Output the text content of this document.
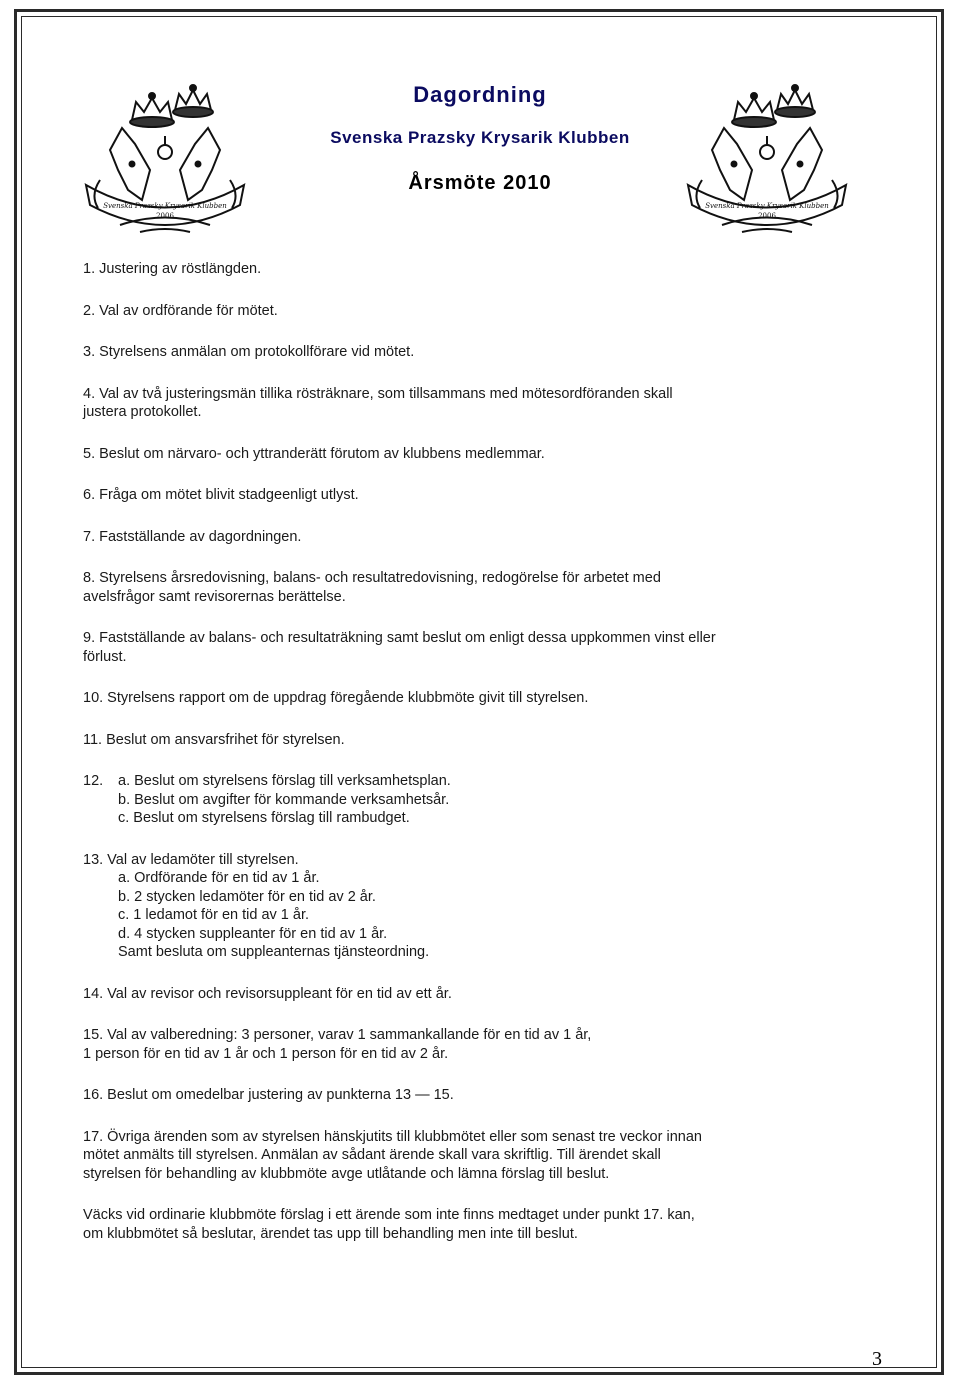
Svenska Prazsky Krysarik Klubben
2006
Svenska Prazsky Krysarik Klubben
2006
Dagordning
Svenska Prazsky Krysarik Klubben
Årsmöte 2010

1. Justering av röstlängden.

2. Val av ordförande för mötet.

3. Styrelsens anmälan om protokollförare vid mötet.

4. Val av två justeringsmän tillika rösträknare, som tillsammans med mötesordföranden skall

justera protokollet.

5. Beslut om närvaro- och yttranderätt förutom av klubbens medlemmar.

6. Fråga om mötet blivit stadgeenligt utlyst.

7. Fastställande av dagordningen.

8. Styrelsens årsredovisning, balans- och resultatredovisning, redogörelse för arbetet med

avelsfrågor samt revisorernas berättelse.

9. Fastställande av balans- och resultaträkning samt beslut om enligt dessa uppkommen vinst eller

förlust.

10. Styrelsens rapport om de uppdrag föregående klubbmöte givit till styrelsen.

11. Beslut om ansvarsfrihet för styrelsen.

12. a. Beslut om styrelsens förslag till verksamhetsplan.

b. Beslut om avgifter för kommande verksamhetsår.

c. Beslut om styrelsens förslag till rambudget.

13. Val av ledamöter till styrelsen.

a. Ordförande för en tid av 1 år.

b. 2 stycken ledamöter för en tid av 2 år.

c. 1 ledamot för en tid av 1 år.

d. 4 stycken suppleanter för en tid av 1 år.

Samt besluta om suppleanternas tjänsteordning.

14. Val av revisor och revisorsuppleant för en tid av ett år.

15. Val av valberedning: 3 personer, varav 1 sammankallande för en tid av 1 år,

1 person för en tid av 1 år och 1 person för en tid av 2 år.

16. Beslut om omedelbar justering av punkterna 13 — 15.

17. Övriga ärenden som av styrelsen hänskjutits till klubbmötet eller som senast tre veckor innan

mötet anmälts till styrelsen. Anmälan av sådant ärende skall vara skriftlig. Till ärendet skall

styrelsen för behandling av klubbmöte avge utlåtande och lämna förslag till beslut.

Väcks vid ordinarie klubbmöte förslag i ett ärende som inte finns medtaget under punkt 17. kan,

om klubbmötet så beslutar, ärendet tas upp till behandling men inte till beslut.

3
